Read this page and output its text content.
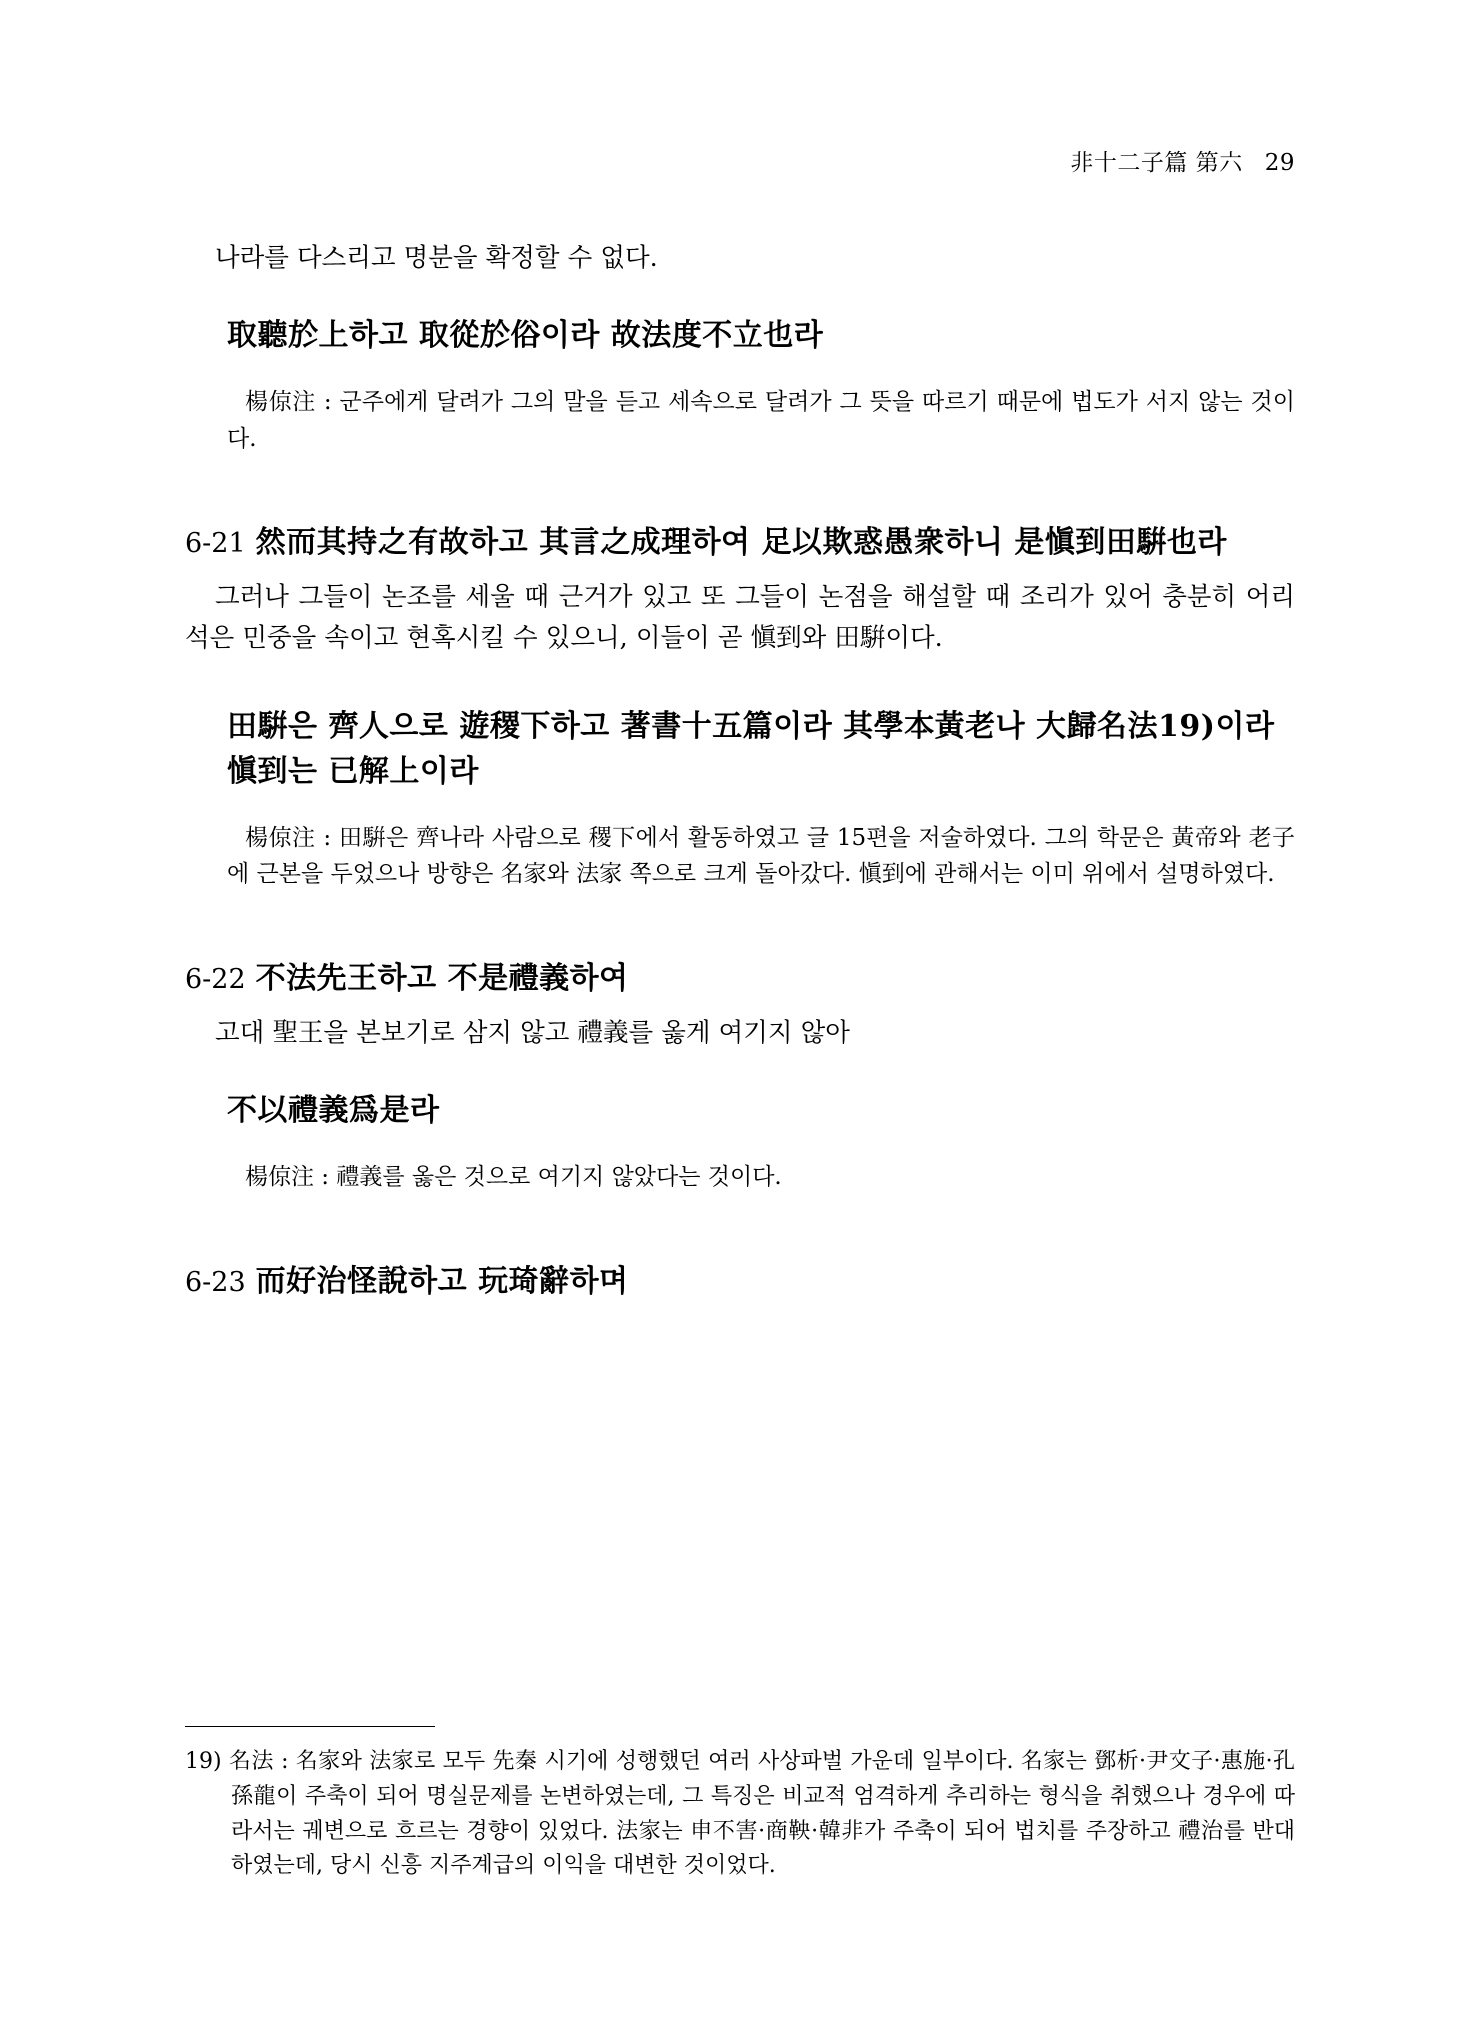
非十二子篇 第六 29

나라를 다스리고 명분을 확정할 수 없다.

取聽於上하고 取從於俗이라 故法度不立也라

楊倞注 : 군주에게 달려가 그의 말을 듣고 세속으로 달려가 그 뜻을 따르기 때문에 법도가 서지 않는 것이다.

6-21 然而其持之有故하고 其言之成理하여 足以欺惑愚衆하니 是愼到田騈也라

그러나 그들이 논조를 세울 때 근거가 있고 또 그들이 논점을 해설할 때 조리가 있어 충분히 어리석은 민중을 속이고 현혹시킬 수 있으니, 이들이 곧 愼到와 田騈이다.

田騈은 齊人으로 遊稷下하고 著書十五篇이라 其學本黃老나 大歸名法19)이라 愼到는 已解上이라

楊倞注 : 田騈은 齊나라 사람으로 稷下에서 활동하였고 글 15편을 저술하였다. 그의 학문은 黃帝와 老子에 근본을 두었으나 방향은 名家와 法家 쪽으로 크게 돌아갔다. 愼到에 관해서는 이미 위에서 설명하였다.

6-22 不法先王하고 不是禮義하여

고대 聖王을 본보기로 삼지 않고 禮義를 옳게 여기지 않아

不以禮義爲是라

楊倞注 : 禮義를 옳은 것으로 여기지 않았다는 것이다.

6-23 而好治怪說하고 玩琦辭하며

19) 名法 : 名家와 法家로 모두 先秦 시기에 성행했던 여러 사상파벌 가운데 일부이다. 名家는 鄧析·尹文子·惠施·孔孫龍이 주축이 되어 명실문제를 논변하였는데, 그 특징은 비교적 엄격하게 추리하는 형식을 취했으나 경우에 따라서는 궤변으로 흐르는 경향이 있었다. 法家는 申不害·商鞅·韓非가 주축이 되어 법치를 주장하고 禮治를 반대하였는데, 당시 신흥 지주계급의 이익을 대변한 것이었다.
